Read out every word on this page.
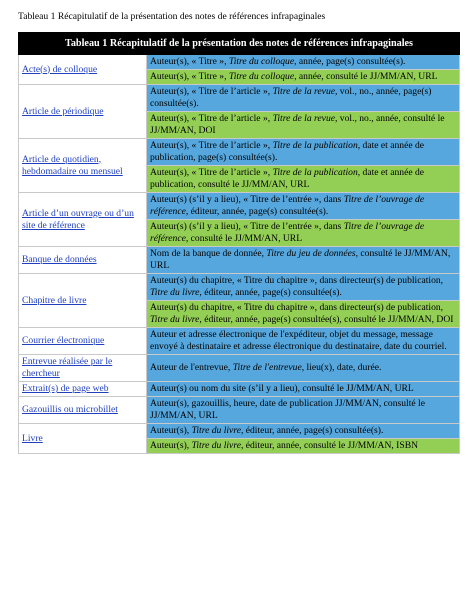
Tableau 1 Récapitulatif de la présentation des notes de références infrapaginales
Tableau 1 Récapitulatif de la présentation des notes de références infrapaginales	
Acte(s) de colloque	Auteur(s), « Titre », Titre du colloque, année, page(s) consultée(s).
	Auteur(s), « Titre », Titre du colloque, année, consulté le JJ/MM/AN, URL
Article de périodique	Auteur(s), « Titre de l’article », Titre de la revue, vol., no., année, page(s) consultée(s).
	Auteur(s), « Titre de l’article », Titre de la revue, vol., no., année, consulté le JJ/MM/AN, DOI
Article de quotidien, hebdomadaire ou mensuel	Auteur(s), « Titre de l’article », Titre de la publication, date et année de publication, page(s) consultée(s).
	Auteur(s), « Titre de l’article », Titre de la publication, date et année de publication, consulté le JJ/MM/AN, URL
Article d’un ouvrage ou d’un site de référence	Auteur(s) (s’il y a lieu), « Titre de l’entrée », dans Titre de l’ouvrage de référence, éditeur, année, page(s) consultée(s).
	Auteur(s) (s’il y a lieu), « Titre de l’entrée », dans Titre de l’ouvrage de référence, consulté le JJ/MM/AN, URL
Banque de données	Nom de la banque de donnée, Titre du jeu de données, consulté le JJ/MM/AN, URL
Chapitre de livre	Auteur(s) du chapitre, « Titre du chapitre », dans directeur(s) de publication, Titre du livre, éditeur, année, page(s) consultée(s).
	Auteur(s) du chapitre, « Titre du chapitre », dans directeur(s) de publication, Titre du livre, éditeur, année, page(s) consultée(s), consulté le JJ/MM/AN, DOI
Courrier électronique	Auteur et adresse électronique de l'expéditeur, objet du message, message envoyé à destinataire et adresse électronique du destinataire, date du courriel.
Entrevue réalisée par le chercheur	Auteur de l'entrevue, Titre de l'entrevue, lieu(x), date, durée.
Extrait(s) de page web	Auteur(s) ou nom du site (s’il y a lieu), consulté le JJ/MM/AN, URL
Gazouillis ou microbillet	Auteur(s), gazouillis, heure, date de publication JJ/MM/AN, consulté le JJ/MM/AN, URL
Livre	Auteur(s), Titre du livre, éditeur, année, page(s) consultée(s).
	Auteur(s), Titre du livre, éditeur, année, consulté le JJ/MM/AN, ISBN
